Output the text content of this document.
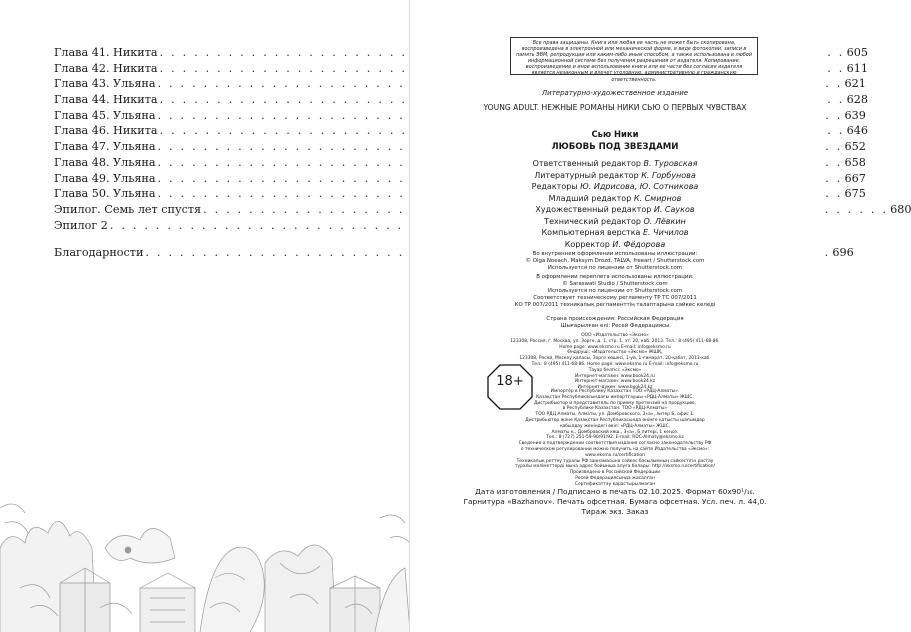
Глава 41. Никита . . .	605
Глава 42. Никита . . .	611
Глава 43. Ульяна . . .	621
Глава 44. Никита . . .	628
Глава 45. Ульяна . . .	639
Глава 46. Никита . . .	646
Глава 47. Ульяна . . .	652
Глава 48. Ульяна . . .	658
Глава 49. Ульяна . . .	667
Глава 50. Ульяна . . .	675
Эпилог. Семь лет спустя . . .	680
Эпилог 2
. . .
Благодарности . . .	696
Все права защищены. Книга или любая ее часть не может быть скопирована, воспроизведена в электронной или механической форме, в виде фотокопии, записи в память ЭВМ, репродукции или каким-либо иным способом, а также использована в любой информационной системе без получения разрешения от издателя. Копирование, воспроизведение и иное использование книги или ее части без согласия издателя является незаконным и влечет уголовную, административную и гражданскую ответственность.
Литературно-художественное издание
YOUNG ADULT. НЕЖНЫЕ РОМАНЫ НИКИ СЬЮ О ПЕРВЫХ ЧУВСТВАХ
Сью Ники
ЛЮБОВЬ ПОД ЗВЕЗДАМИ
Ответственный редактор В. Туровская
Литературный редактор К. Горбунова
Редакторы Ю. Идрисова, Ю. Сотникова
Младший редактор К. Смирнов
Художественный редактор И. Сауков
Технический редактор О. Лёвкин
Компьютерная верстка Е. Чичилов
Корректор И. Фёдорова
Во внутреннем оформлении использованы иллюстрации:
© Olga Noeach, Maksym Drozd, TALVA, freeart / Shutterstock.com
Используется по лицензии от Shutterstock.com
В оформлении переплета использованы иллюстрации:
© Saraswati Studio / Shutterstock.com
Используется по лицензии от Shutterstock.com
Соответствует техническому регламенту ТР ТС 007/2011
КО ТР 007/2011 техникалық регламенттің талаптарына сәйкес келеді
Страна происхождения: Российская Федерация
Шығарылған елі: Ресей Федерациясы
ООО «Издательство «Эксмо»
123308, Россия, г. Москва, ул. Зорге, д. 1, стр. 1, эт. 20, каб. 2013. Тел.: 8 (495) 411-68-86.
Home page: www.eksmo.ru E-mail: info@eksmo.ru
Өндіруші: «Издательство «Эксмо» ЖШҚ,
123308, Ресей, Мәскеу қаласы, Зорге көшесі, 1-үй, 1-ғимарат, 20-қабат, 2013-каб.
Тел.: 8 (495) 411-68-86. Home page: www.eksmo.ru E-mail: info@eksmo.ru
Тауар белгісі: «Эксмо»
Интернет-магазин: www.book24.ru
Интернет-магазин: www.book24.kz
Интернет-дүкен: www.book24.kz
18+
Импортёр в Республику Казахстан ТОО «РДЦ-Алматы».
Қазақстан Республикасындағы импорттаушы «РДЦ-Алматы» ЖШС.
Дистрибьютор и представитель по приему претензий на продукцию,
в Республике Казахстан: ТОО «РДЦ-Алматы»
ТОО РДЦ Алматы, Алматы, ул. Домбровского, 3«а», литер Б, офис 1.
Дистрибьютор және Қазақстан Республикасында өнімге қатысты шағымдар
қабылдау жөніндегі өкіл: «РДЦ-Алматы» ЖШС,
Алматы қ., Домбровский көш., 3«а», Б литері, 1 кеңсе.
Тел.: 8 (727) 251-59-90/91/92. E-mail: RDC-Almaty@eksmo.kz
Сведения о подтверждении соответствия издания согласно законодательству РФ
о техническом регулировании можно получить на сайте Издательства «Эксмо»:
www.eksmo.ru/certification
Техникалық реттеу туралы РФ заңнамасына сәйкес басылымның сәйкестігін растау
туралы мәліметтерді мына адрес бойынша алуға болады: http://eksmo.ru/certification/
Произведено в Российской Федерации
Ресей Федерациясында жасалған
Сертификаттау қарастырылмаған
Дата изготовления / Подписано в печать 02.10.2025. Формат 60x90¹/₁₆.
Гарнитура «Bazhanov». Печать офсетная. Бумага офсетная. Усл. печ. л. 44,0.
Тираж экз. Заказ
